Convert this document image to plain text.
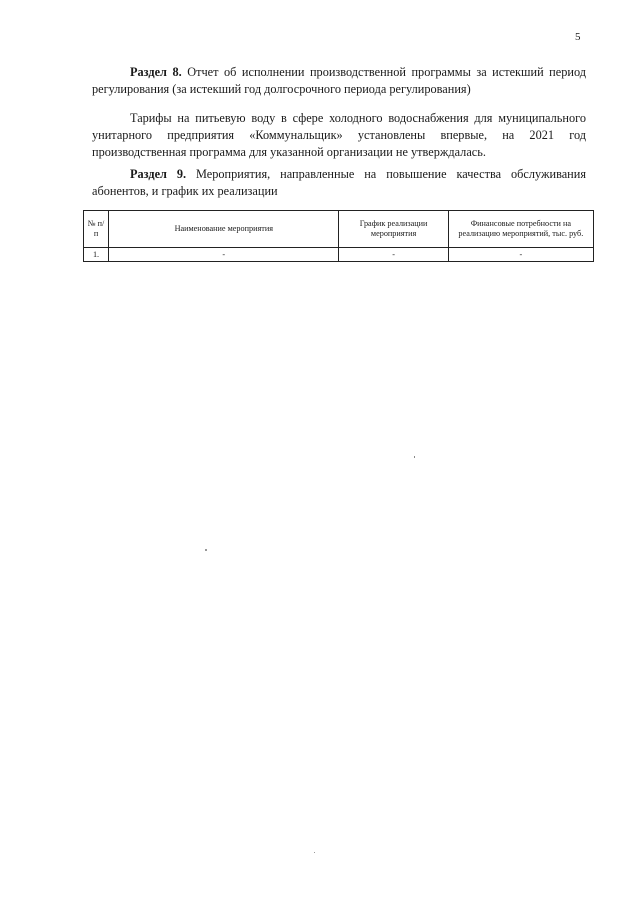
5

Раздел 8. Отчет об исполнении производственной программы за истекший период регулирования (за истекший год долгосрочного периода регулирования)

Тарифы на питьевую воду в сфере холодного водоснабжения для муниципального унитарного предприятия «Коммунальщик» установлены впервые, на 2021 год производственная программа для указанной организации не утверждалась.

Раздел 9. Мероприятия, направленные на повышение качества обслуживания
абонентов, и график их реализации

№ п/п	Наименование мероприятия	График реализации мероприятия	Финансовые потребности на реализацию мероприятий, тыс. руб.
1.	-	-	-
